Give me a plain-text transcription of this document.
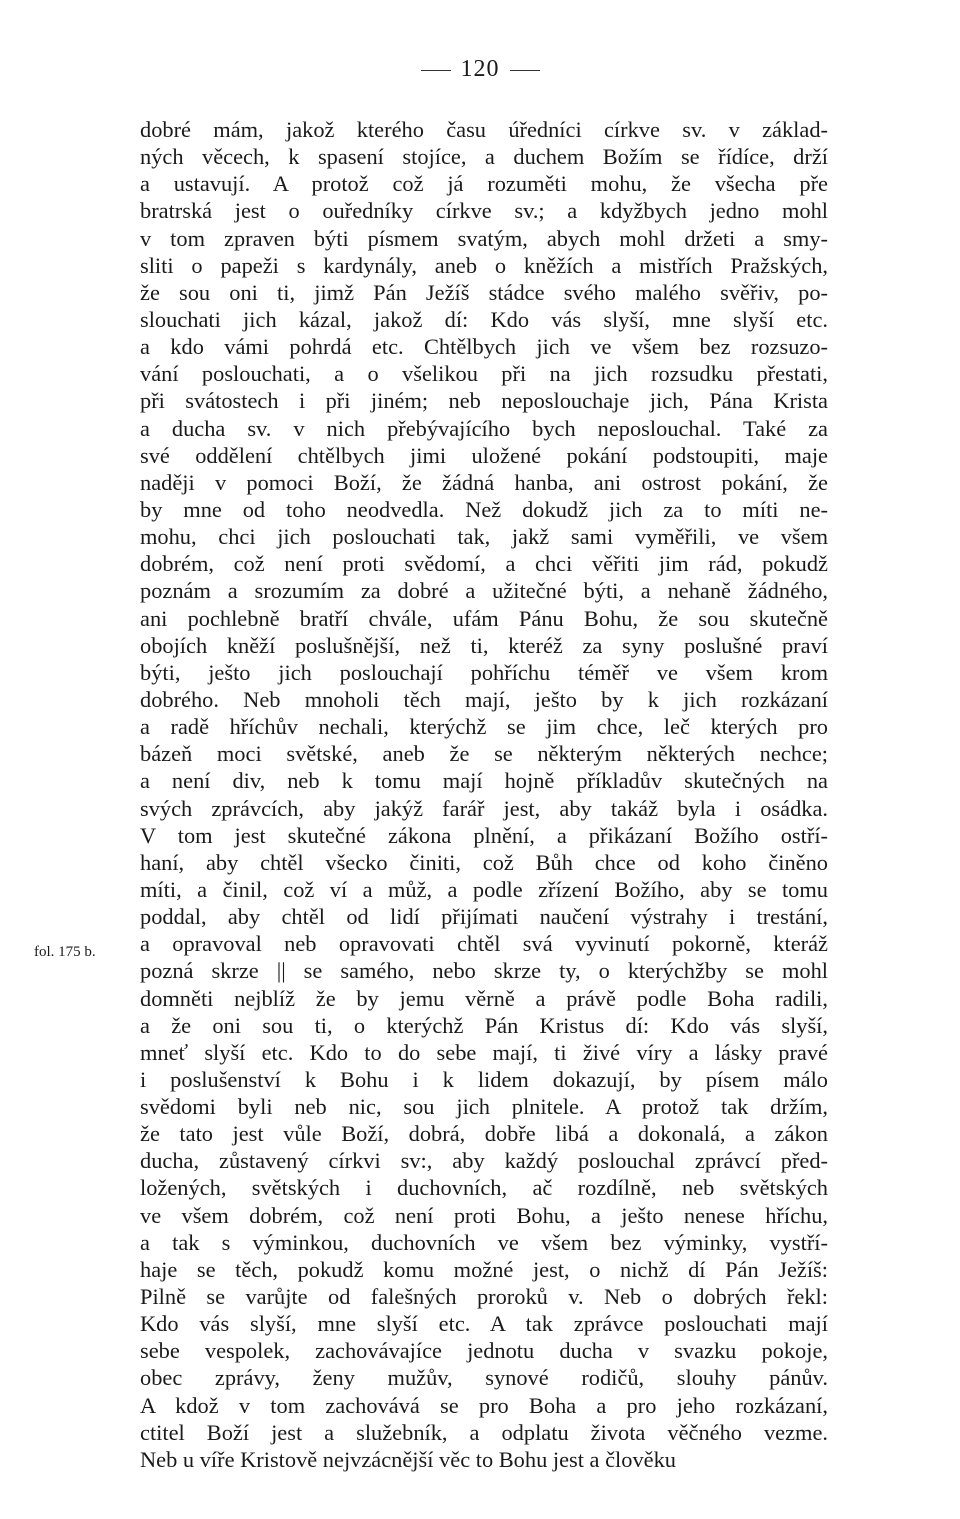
120
fol. 175 b.
dobré mám, jakož kterého času úředníci církve sv. v základ-
ných věcech, k spasení stojíce, a duchem Božím se řídíce, drží
a ustavují. A protož což já rozuměti mohu, že všecha pře
bratrská jest o ouředníky církve sv.; a kdyžbych jedno mohl
v tom zpraven býti písmem svatým, abych mohl držeti a smy-
sliti o papeži s kardynály, aneb o kněžích a mistřích Pražských,
že sou oni ti, jimž Pán Ježíš stádce svého malého svěřiv, po-
slouchati jich kázal, jakož dí: Kdo vás slyší, mne slyší etc.
a kdo vámi pohrdá etc. Chtělbych jich ve všem bez rozsuzo-
vání poslouchati, a o všelikou při na jich rozsudku přestati,
při svátostech i při jiném; neb neposlouchaje jich, Pána Krista
a ducha sv. v nich přebývajícího bych neposlouchal. Také za
své oddělení chtělbych jimi uložené pokání podstoupiti, maje
naději v pomoci Boží, že žádná hanba, ani ostrost pokání, že
by mne od toho neodvedla. Než dokudž jich za to míti ne-
mohu, chci jich poslouchati tak, jakž sami vyměřili, ve všem
dobrém, což není proti svědomí, a chci věřiti jim rád, pokudž
poznám a srozumím za dobré a užitečné býti, a nehaně žádného,
ani pochlebně bratří chvále, ufám Pánu Bohu, že sou skutečně
obojích kněží poslušnější, než ti, kteréž za syny poslušné praví
býti, ješto jich poslouchají pohříchu téměř ve všem krom
dobrého. Neb mnoholi těch mají, ješto by k jich rozkázaní
a radě hříchův nechali, kterýchž se jim chce, leč kterých pro
bázeň moci světské, aneb že se některým některých nechce;
a není div, neb k tomu mají hojně příkladův skutečných na
svých zprávcích, aby jakýž farář jest, aby takáž byla i osádka.
V tom jest skutečné zákona plnění, a přikázaní Božího ostří-
haní, aby chtěl všecko činiti, což Bůh chce od koho činěno
míti, a činil, což ví a můž, a podle zřízení Božího, aby se tomu
poddal, aby chtěl od lidí přijímati naučení výstrahy i trestání,
a opravoval neb opravovati chtěl svá vyvinutí pokorně, kteráž
pozná skrze || se samého, nebo skrze ty, o kterýchžby se mohl
domněti nejblíž že by jemu věrně a právě podle Boha radili,
a že oni sou ti, o kterýchž Pán Kristus dí: Kdo vás slyší,
mneť slyší etc. Kdo to do sebe mají, ti živé víry a lásky pravé
i poslušenství k Bohu i k lidem dokazují, by písem málo
svědomi byli neb nic, sou jich plnitele. A protož tak držím,
že tato jest vůle Boží, dobrá, dobře libá a dokonalá, a zákon
ducha, zůstavený církvi sv:, aby každý poslouchal zprávcí před-
ložených, světských i duchovních, ač rozdílně, neb světských
ve všem dobrém, což není proti Bohu, a ješto nenese hříchu,
a tak s výminkou, duchovních ve všem bez výminky, vystří-
haje se těch, pokudž komu možné jest, o nichž dí Pán Ježíš:
Pilně se varůjte od falešných proroků v. Neb o dobrých řekl:
Kdo vás slyší, mne slyší etc. A tak zprávce poslouchati mají
sebe vespolek, zachovávajíce jednotu ducha v svazku pokoje,
obec zprávy, ženy mužův, synové rodičů, slouhy pánův.
A kdož v tom zachovává se pro Boha a pro jeho rozkázaní,
ctitel Boží jest a služebník, a odplatu života věčného vezme.
Neb u víře Kristově nejvzácnější věc to Bohu jest a člověku
